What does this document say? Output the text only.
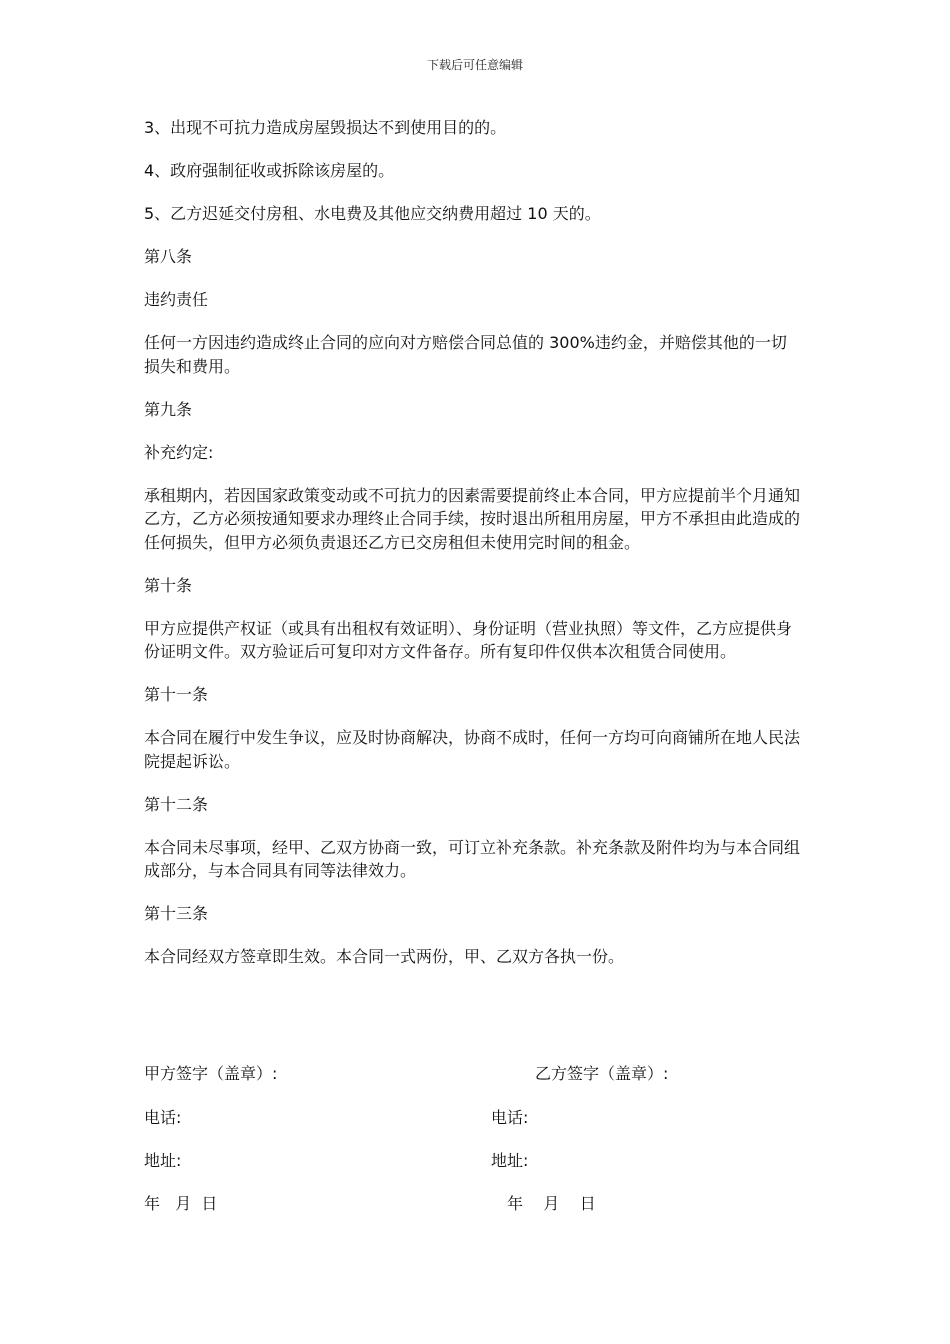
下载后可任意编辑

3、出现不可抗力造成房屋毁损达不到使用目的的。

4、政府强制征收或拆除该房屋的。

5、乙方迟延交付房租、水电费及其他应交纳费用超过 10 天的。

第八条

违约责任

任何一方因违约造成终止合同的应向对方赔偿合同总值的 300%违约金，并赔偿其他的一切损失和费用。

第九条

补充约定:

承租期内，若因国家政策变动或不可抗力的因素需要提前终止本合同，甲方应提前半个月通知乙方，乙方必须按通知要求办理终止合同手续，按时退出所租用房屋，甲方不承担由此造成的任何损失，但甲方必须负责退还乙方已交房租但未使用完时间的租金。

第十条

甲方应提供产权证（或具有出租权有效证明）、身份证明（营业执照）等文件，乙方应提供身份证明文件。双方验证后可复印对方文件备存。所有复印件仅供本次租赁合同使用。

第十一条

本合同在履行中发生争议，应及时协商解决，协商不成时，任何一方均可向商铺所在地人民法院提起诉讼。

第十二条

本合同未尽事项，经甲、乙双方协商一致，可订立补充条款。补充条款及附件均为与本合同组成部分，与本合同具有同等法律效力。

第十三条

本合同经双方签章即生效。本合同一式两份，甲、乙双方各执一份。

甲方签字（盖章）:	乙方签字（盖章）:
电话:	电话:
地址:	地址:
年   月  日	年    月    日
